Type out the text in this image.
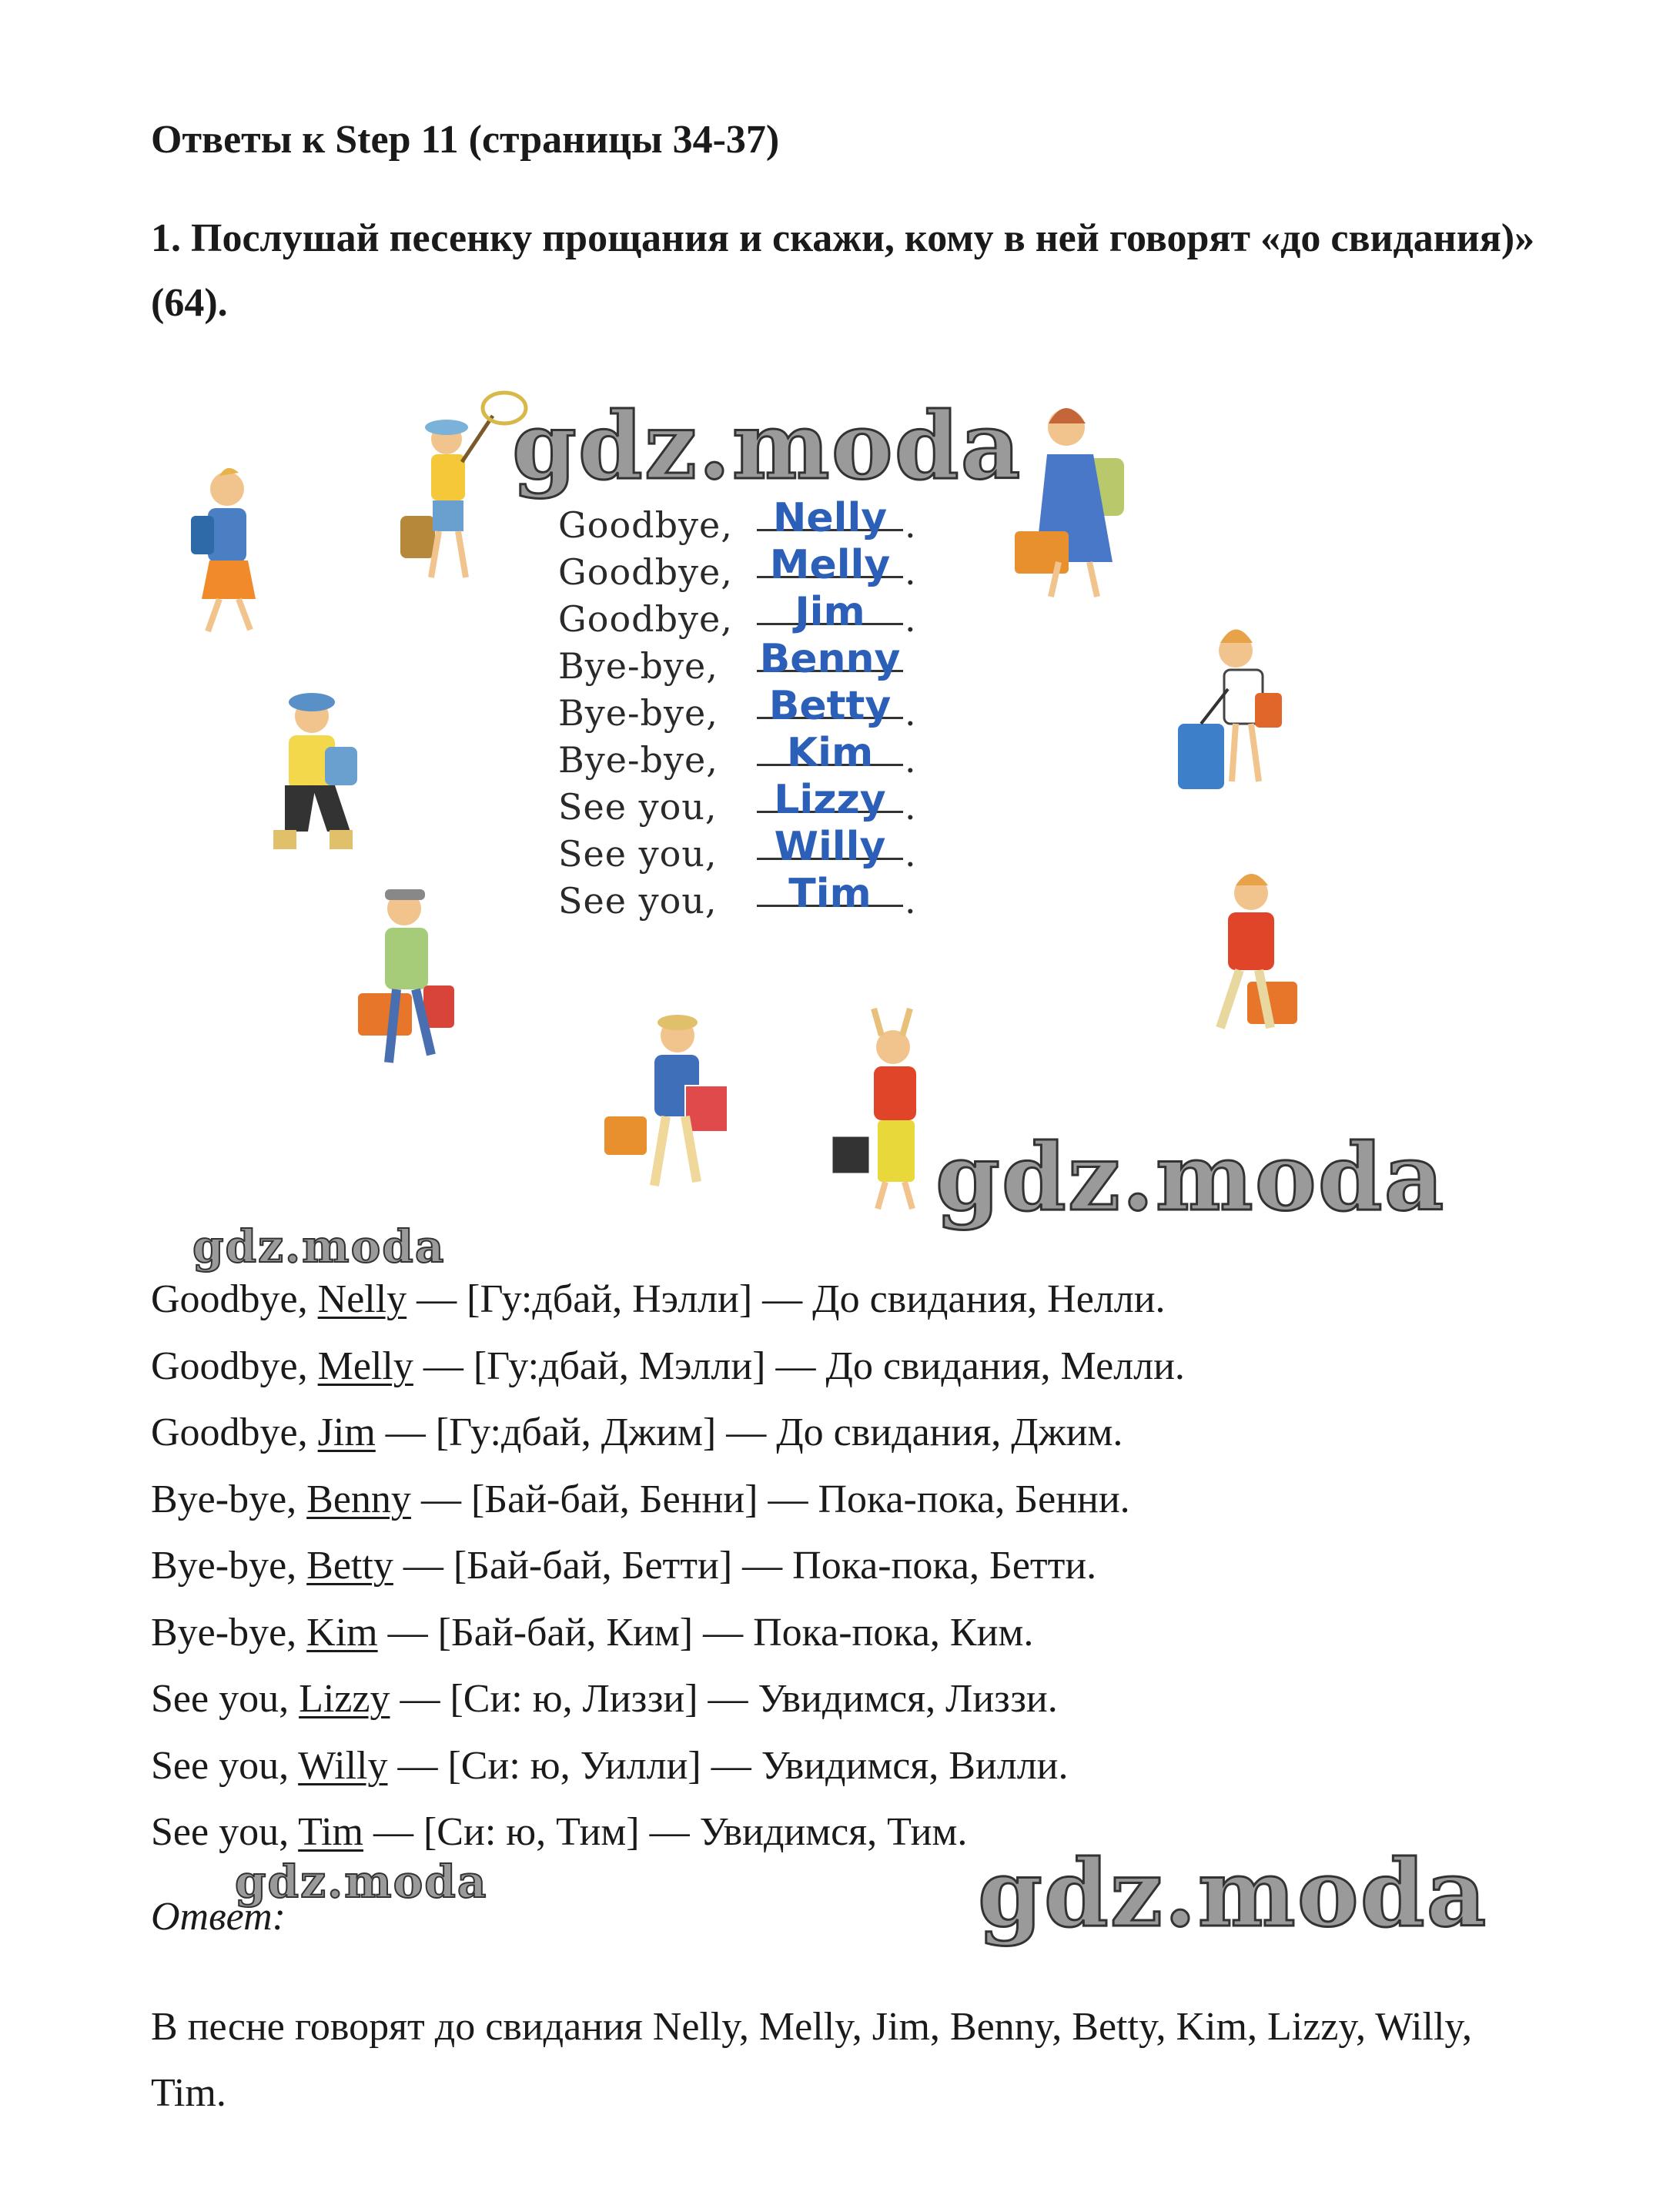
Ответы к Step 11 (страницы 34-37)
1. Послушай песенку прощания и скажи, кому в ней говорят «до свидания)» (64).
Goodbye, Nelly .
Goodbye, Melly .
Goodbye,	Jim	.
Bye-bye, Benny
Bye-bye,	Betty .
Bye-bye,	Kim .
See you,	Lizzy .
See you,	Willy .
See you,	Tim .
gdz.moda
gdz.moda
gdz.moda
gdz.moda	gdz.moda
Goodbye, Nelly — [Гу:дбай, Нэлли] — До свидания, Нелли.
Goodbye, Melly — [Гу:дбай, Мэлли] — До свидания, Мелли.
Goodbye, Jim — [Гу:дбай, Джим] — До свидания, Джим.
Bye-bye, Benny — [Бай-бай, Бенни] — Пока-пока, Бенни.
Bye-bye, Betty — [Бай-бай, Бетти] — Пока-пока, Бетти.
Bye-bye, Kim — [Бай-бай, Ким] — Пока-пока, Ким.
See you, Lizzy — [Си: ю, Лиззи] — Увидимся, Лиззи.
See you, Willy — [Си: ю, Уилли] — Увидимся, Вилли.
See you, Tim — [Си: ю, Тим] — Увидимся, Тим.
Ответ:
В песне говорят до свидания Nelly, Melly, Jim, Benny, Betty, Kim, Lizzy, Willy, Tim.
